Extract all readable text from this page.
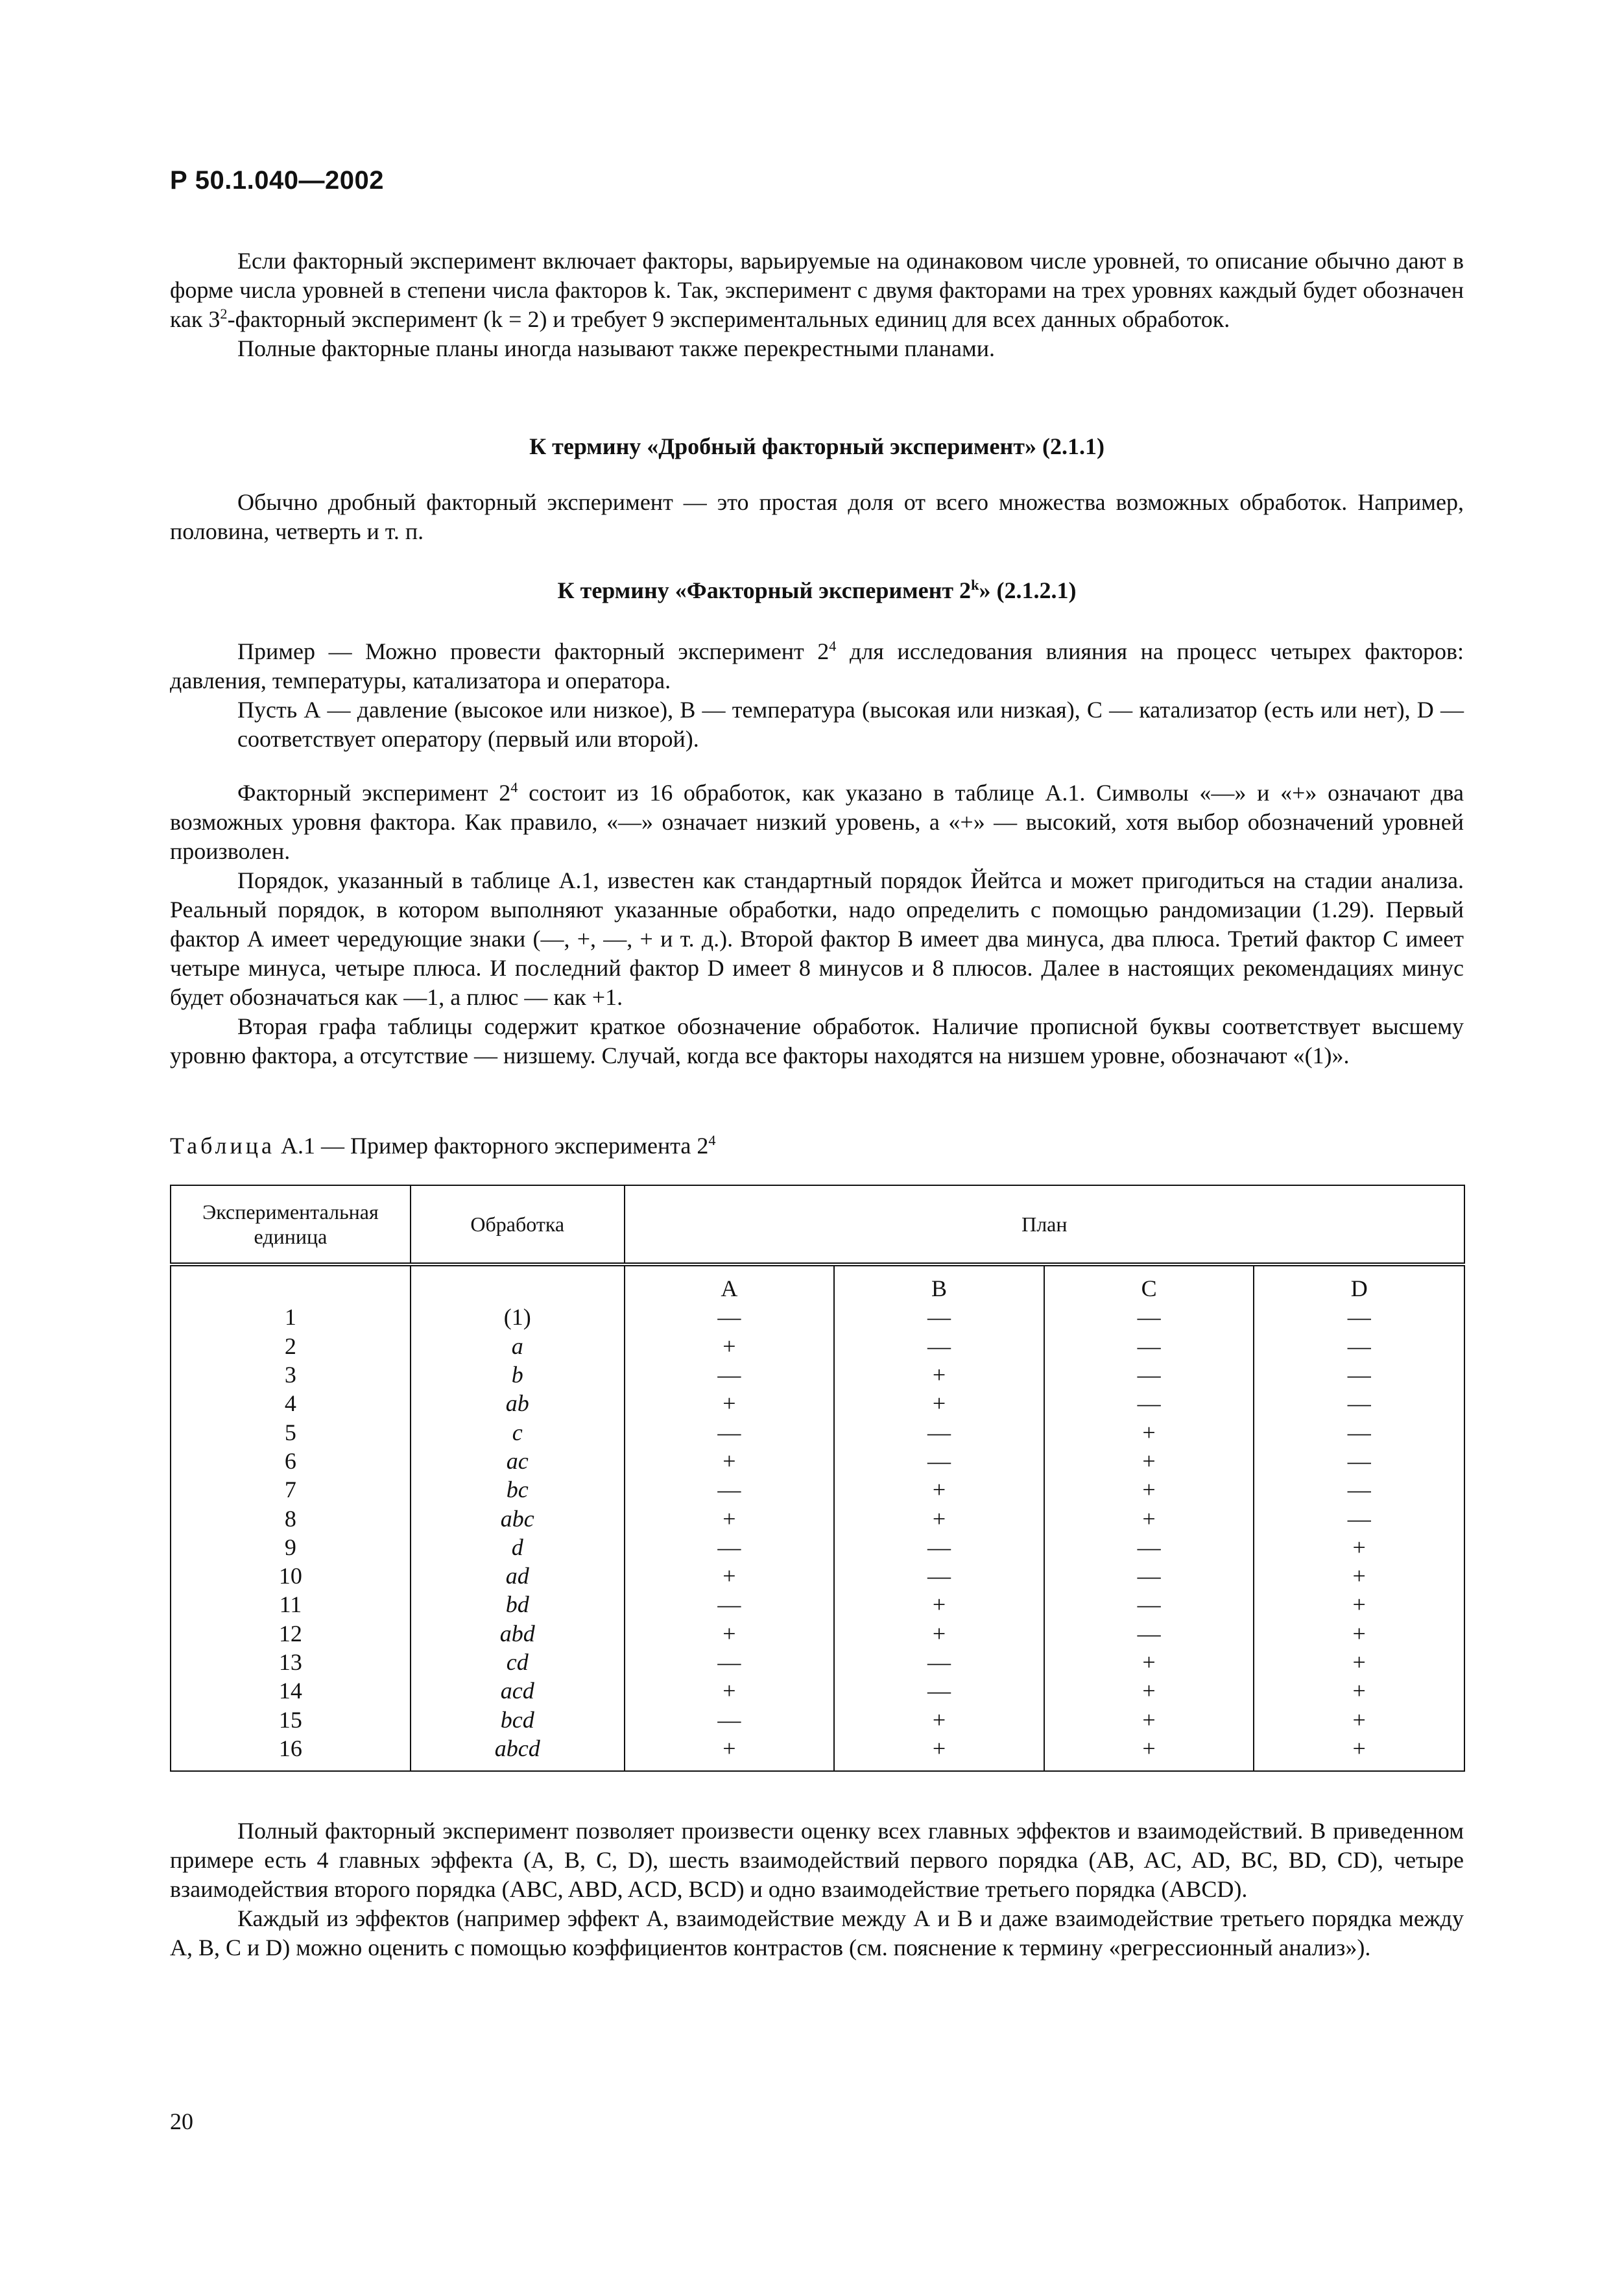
Р 50.1.040—2002

Если факторный эксперимент включает факторы, варьируемые на одинаковом числе уровней, то описание обычно дают в форме числа уровней в степени числа факторов k. Так, эксперимент с двумя факторами на трех уровнях каждый будет обозначен как $3^2$-факторный эксперимент (k = 2) и требует 9 экспериментальных единиц для всех данных обработок.

Полные факторные планы иногда называют также перекрестными планами.

К термину «Дробный факторный эксперимент» (2.1.1)

Обычно дробный факторный эксперимент — это простая доля от всего множества возможных обработок. Например, половина, четверть и т. п.

К термину «Факторный эксперимент 2$^k$» (2.1.2.1)

Пример — Можно провести факторный эксперимент $2^4$ для исследования влияния на процесс четырех факторов: давления, температуры, катализатора и оператора.

Пусть А — давление (высокое или низкое), В — температура (высокая или низкая), С — катализатор (есть или нет), D — соответствует оператору (первый или второй).

Факторный эксперимент $2^4$ состоит из 16 обработок, как указано в таблице А.1. Символы «—» и «+» означают два возможных уровня фактора. Как правило, «—» означает низкий уровень, а «+» — высокий, хотя выбор обозначений уровней произволен.

Порядок, указанный в таблице А.1, известен как стандартный порядок Йейтса и может пригодиться на стадии анализа. Реальный порядок, в котором выполняют указанные обработки, надо определить с помощью рандомизации (1.29). Первый фактор А имеет чередующие знаки (—, +, —, + и т. д.). Второй фактор В имеет два минуса, два плюса. Третий фактор С имеет четыре минуса, четыре плюса. И последний фактор D имеет 8 минусов и 8 плюсов. Далее в настоящих рекомендациях минус будет обозначаться как —1, а плюс — как +1.

Вторая графа таблицы содержит краткое обозначение обработок. Наличие прописной буквы соответствует высшему уровню фактора, а отсутствие — низшему. Случай, когда все факторы находятся на низшем уровне, обозначают «(1)».

Таблица А.1 — Пример факторного эксперимента $2^4$
Экспериментальная единица	Обработка	План			
		A	B	C	D
1	(1)	—	—	—	—
2	a	+	—	—	—
3	b	—	+	—	—
4	ab	+	+	—	—
5	c	—	—	+	—
6	ac	+	—	+	—
7	bc	—	+	+	—
8	abc	+	+	+	—
9	d	—	—	—	+
10	ad	+	—	—	+
11	bd	—	+	—	+
12	abd	+	+	—	+
13	cd	—	—	+	+
14	acd	+	—	+	+
15	bcd	—	+	+	+
16	abcd	+	+	+	+

Полный факторный эксперимент позволяет произвести оценку всех главных эффектов и взаимодействий. В приведенном примере есть 4 главных эффекта (A, B, C, D), шесть взаимодействий первого порядка (AB, AC, AD, BC, BD, CD), четыре взаимодействия второго порядка (ABC, ABD, ACD, BCD) и одно взаимодействие третьего порядка (ABCD).

Каждый из эффектов (например эффект А, взаимодействие между А и В и даже взаимодействие третьего порядка между А, В, С и D) можно оценить с помощью коэффициентов контрастов (см. пояснение к термину «регрессионный анализ»).

20
